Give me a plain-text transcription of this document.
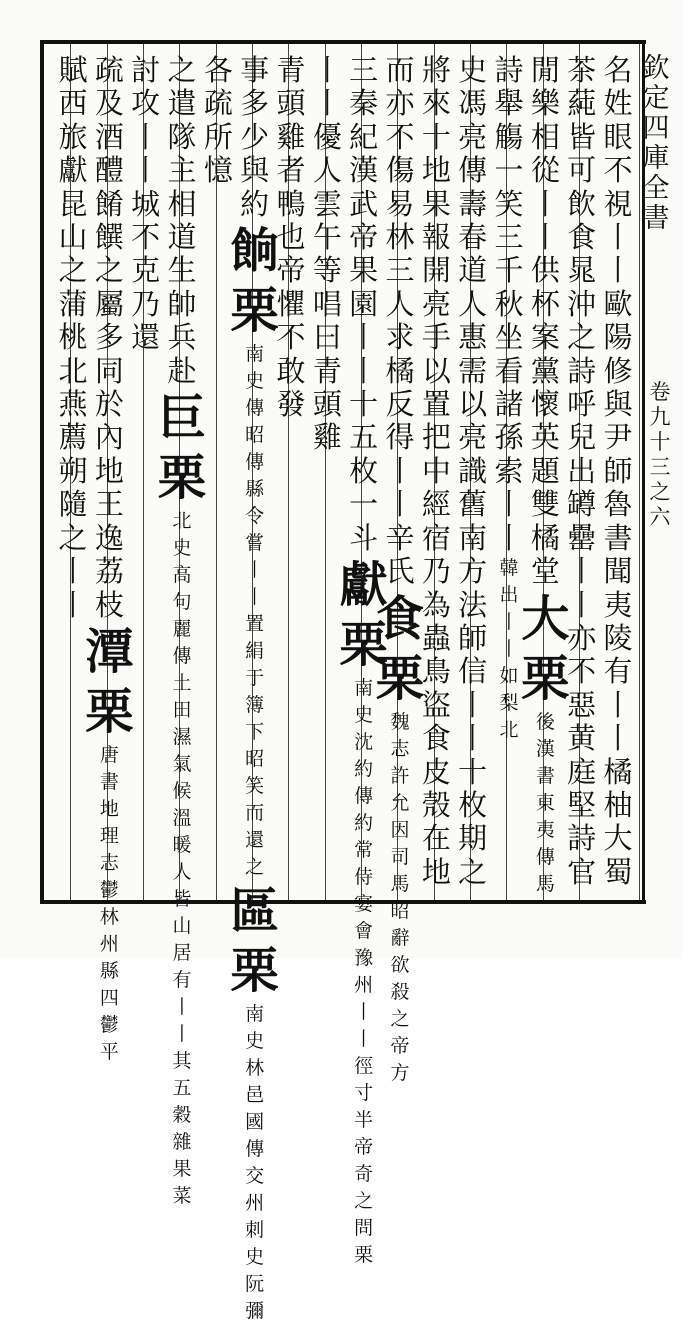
欽
定
四
庫
全
書
卷
九
十
三
之
六
名
姓
眼
不
視
丨
丨
歐
陽
修
與
尹
師
魯
書
聞
夷
陵
有
丨
丨
橘
柚
大
蜀
茶
蒓
皆
可
飲
食
晁
沖
之
詩
呼
兒
出
罇
罍
丨
丨
亦
不
惡
黄
庭
堅
詩
官
閒
樂
相
從
丨
丨
供
杯
案
黨
懷
英
題
雙
橘
堂
大
栗
後
漢
書
東
夷
傳
馬
詩
舉
觴
一
笑
三
千
秋
坐
看
諸
孫
索
丨
丨
韓
出
丨
丨
如
梨
北
史
馮
亮
傳
壽
春
道
人
惠
需
以
亮
識
舊
南
方
法
師
信
丨
丨
十
枚
期
之
將
來
十
地
果
報
開
亮
手
以
置
把
中
經
宿
乃
為
蟲
鳥
盜
食
皮
殼
在
地
而
亦
不
傷
易
林
三
人
求
橘
反
得
丨
丨
辛
氏
食
栗
魏
志
許
允
因
司
馬
昭
辭
欲
殺
之
帝
方
三
秦
紀
漢
武
帝
果
園
丨
丨
十
五
枚
一
斗
獻
栗
南
史
沈
約
傳
約
常
侍
宴
會
豫
州
丨
丨
徑
寸
半
帝
奇
之
問
栗
丨
丨
優
人
雲
午
等
唱
曰
青
頭
雞
青
頭
雞
者
鴨
也
帝
懼
不
敢
發
事
多
少
與
約
餉
栗
南
史
傳
昭
傳
縣
令
嘗
丨
丨
置
絹
于
簿
下
昭
笑
而
還
之
區
栗
南
史
林
邑
國
傳
交
州
刺
史
阮
彌
各
疏
所
憶
之
遣
隊
主
相
道
生
帥
兵
赴
巨
栗
北
史
高
句
麗
傳
土
田
濕
氣
候
溫
暖
人
皆
山
居
有
丨
丨
其
五
穀
雜
果
菜
討
攻
丨
丨
城
不
克
乃
還
疏
及
酒
醴
餚
饌
之
屬
多
同
於
內
地
王
逸
荔
枝
潭
栗
唐
書
地
理
志
鬱
林
州
縣
四
鬱
平
賦
西
旅
獻
昆
山
之
蒲
桃
北
燕
薦
朔
隨
之
丨
丨
